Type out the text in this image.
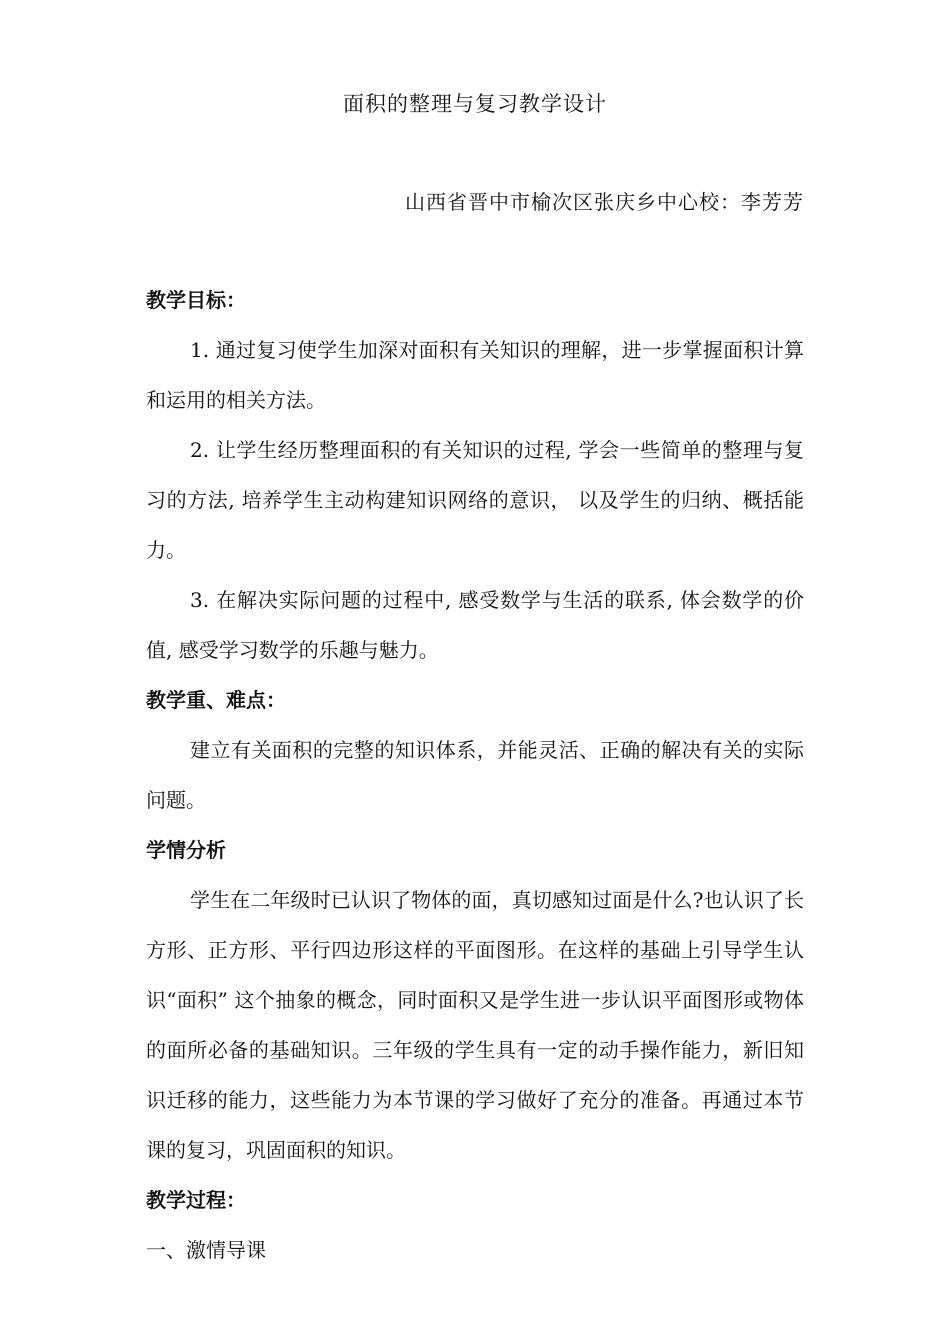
面积的整理与复习教学设计
山西省晋中市榆次区张庆乡中心校：李芳芳

教学目标：

1. 通过复习使学生加深对面积有关知识的理解，进一步掌握面积计算和运用的相关方法。

2. 让学生经历整理面积的有关知识的过程, 学会一些简单的整理与复习的方法, 培养学生主动构建知识网络的意识， 以及学生的归纳、概括能力。

3. 在解决实际问题的过程中, 感受数学与生活的联系, 体会数学的价值, 感受学习数学的乐趣与魅力。

教学重、难点：

建立有关面积的完整的知识体系，并能灵活、正确的解决有关的实际问题。

学情分析

学生在二年级时已认识了物体的面，真切感知过面是什么?也认识了长方形、正方形、平行四边形这样的平面图形。在这样的基础上引导学生认识“面积” 这个抽象的概念，同时面积又是学生进一步认识平面图形或物体的面所必备的基础知识。三年级的学生具有一定的动手操作能力，新旧知识迁移的能力，这些能力为本节课的学习做好了充分的准备。再通过本节课的复习，巩固面积的知识。

教学过程：

一、激情导课
